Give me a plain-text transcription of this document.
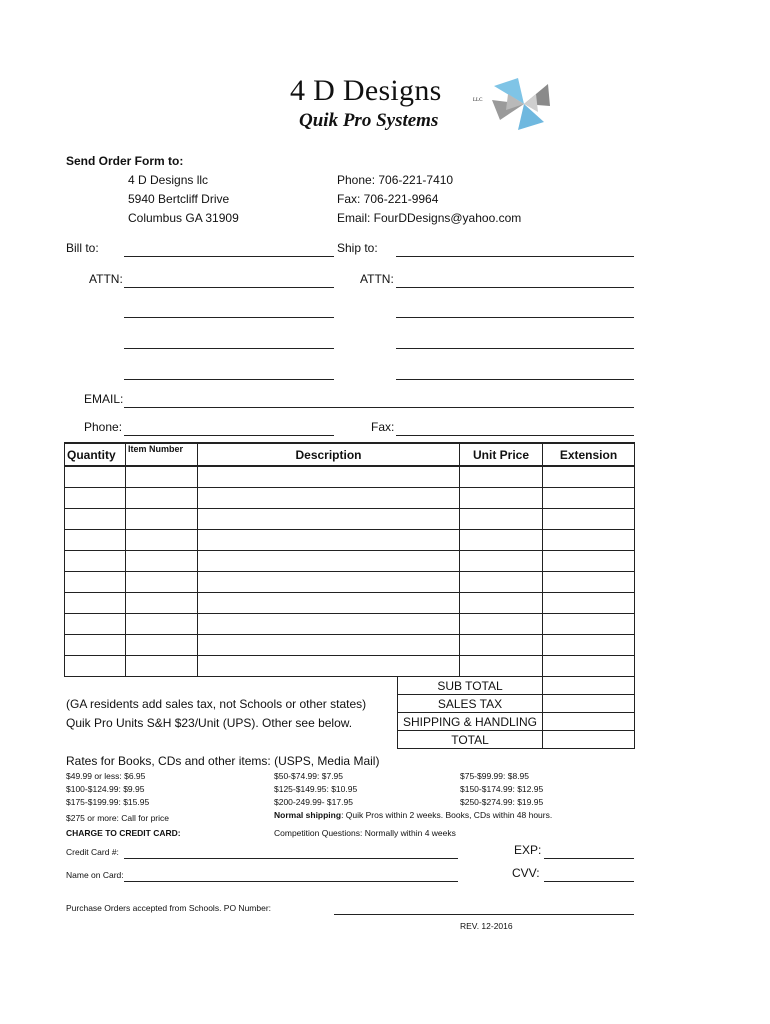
4 D Designs	LLC
Quik Pro Systems
Send Order Form to:
4 D Designs llc
5940 Bertcliff Drive
Columbus GA 31909
Phone: 706-221-7410
Fax: 706-221-9964
Email: FourDDesigns@yahoo.com
Bill to:	Ship to:
ATTN:	ATTN:
EMAIL:
Phone:	Fax:
Quantity	Item Number	Description	Unit Price	Extension

(GA residents add sales tax, not Schools or other states)
Quik Pro Units S&H $23/Unit (UPS). Other see below.
SUB TOTAL	
SALES TAX	
SHIPPING & HANDLING	
TOTAL	
Rates for Books, CDs and other items: (USPS, Media Mail)
$49.99 or less: $6.95
$100-$124.99: $9.95
$175-$199.99: $15.95
$50-$74.99: $7.95
$125-$149.95: $10.95
$200-249.99- $17.95
$75-$99.99: $8.95
$150-$174.99: $12.95
$250-$274.99: $19.95
$275 or more: Call for price	Normal shipping: Quik Pros within 2 weeks. Books, CDs within 48 hours.
CHARGE TO CREDIT CARD:	Competition Questions: Normally within 4 weeks
Credit Card #:	EXP:
Name on Card:	CVV:
Purchase Orders accepted from Schools. PO Number:
REV. 12-2016
